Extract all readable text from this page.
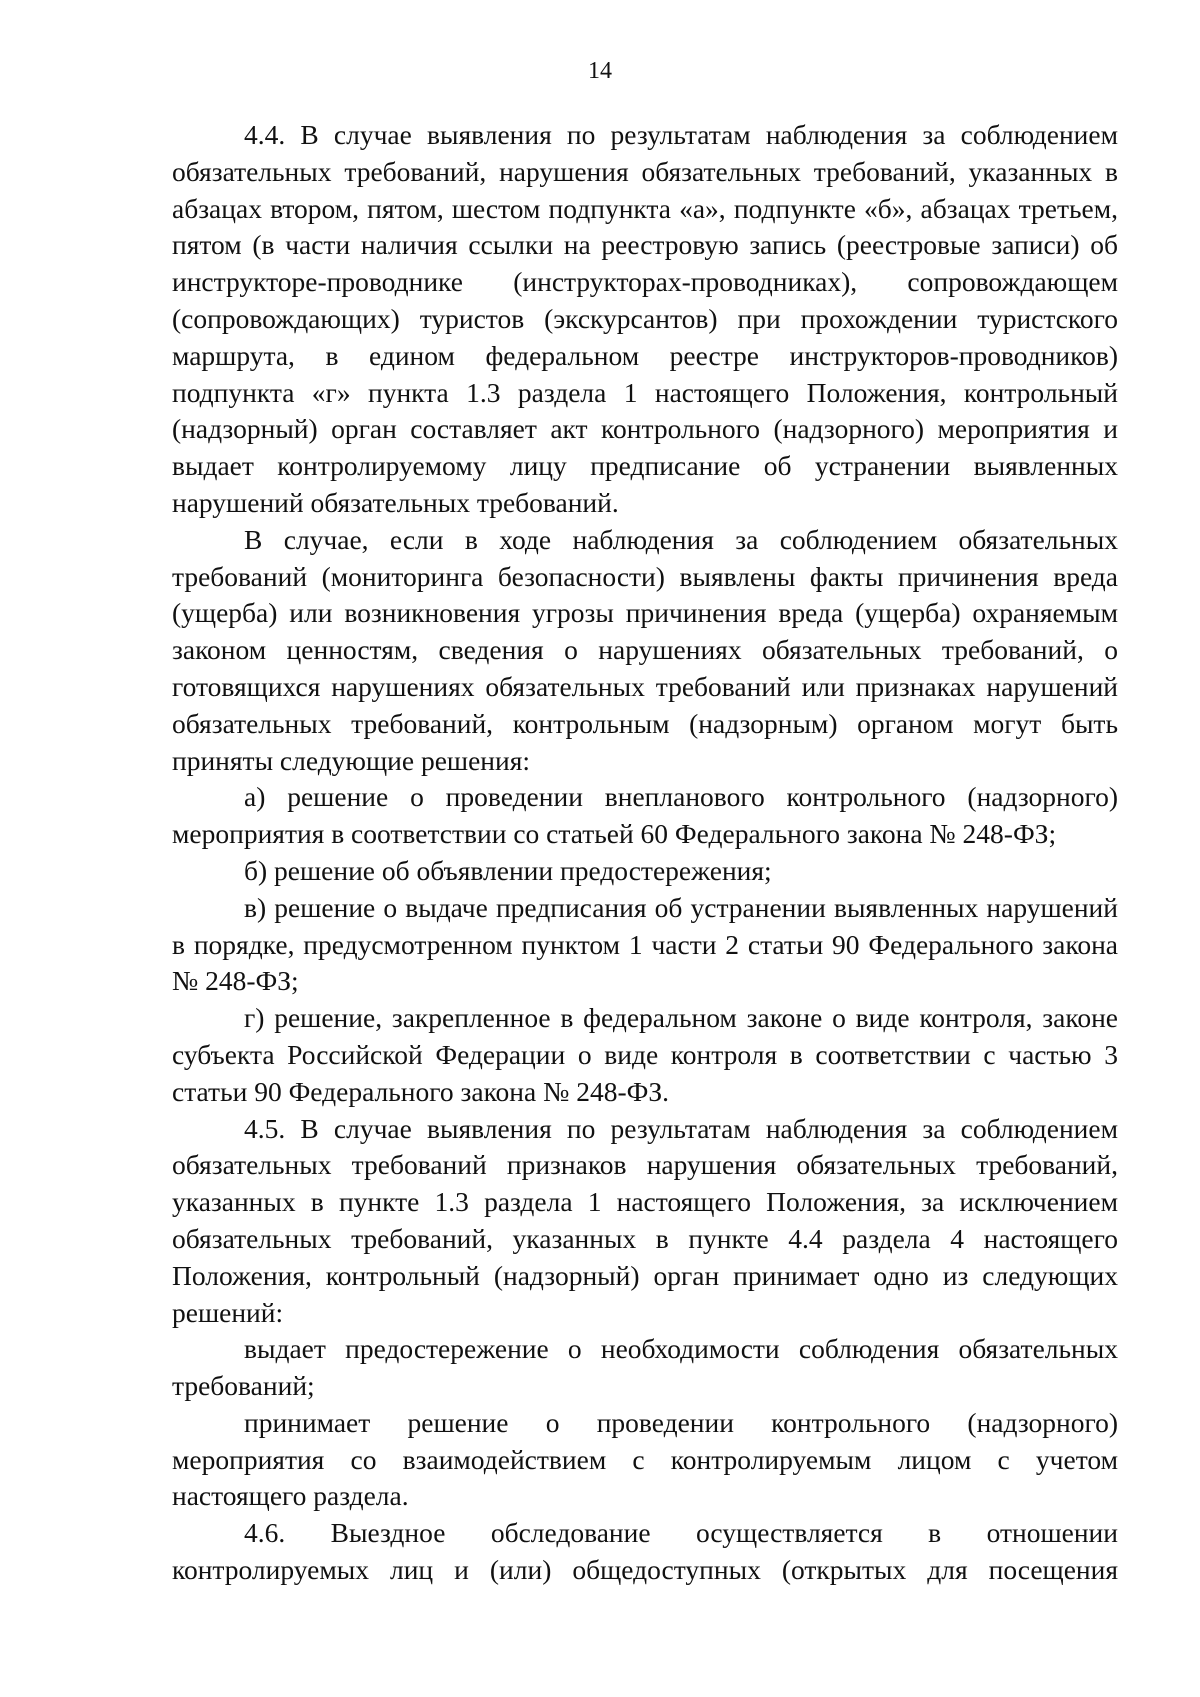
14

4.4. В случае выявления по результатам наблюдения за соблюдением обязательных требований, нарушения обязательных требований, указанных в абзацах втором, пятом, шестом подпункта «а», подпункте «б», абзацах третьем, пятом (в части наличия ссылки на реестровую запись (реестровые записи) об инструкторе-проводнике (инструкторах-проводниках), сопровождающем (сопровождающих) туристов (экскурсантов) при прохождении туристского маршрута, в едином федеральном реестре инструкторов-проводников) подпункта «г» пункта 1.3 раздела 1 настоящего Положения, контрольный (надзорный) орган составляет акт контрольного (надзорного) мероприятия и выдает контролируемому лицу предписание об устранении выявленных нарушений обязательных требований.

В случае, если в ходе наблюдения за соблюдением обязательных требований (мониторинга безопасности) выявлены факты причинения вреда (ущерба) или возникновения угрозы причинения вреда (ущерба) охраняемым законом ценностям, сведения о нарушениях обязательных требований, о готовящихся нарушениях обязательных требований или признаках нарушений обязательных требований, контрольным (надзорным) органом могут быть приняты следующие решения:

а) решение о проведении внепланового контрольного (надзорного) мероприятия в соответствии со статьей 60 Федерального закона № 248-ФЗ;

б) решение об объявлении предостережения;

в) решение о выдаче предписания об устранении выявленных нарушений в порядке, предусмотренном пунктом 1 части 2 статьи 90 Федерального закона № 248-ФЗ;

г) решение, закрепленное в федеральном законе о виде контроля, законе субъекта Российской Федерации о виде контроля в соответствии с частью 3 статьи 90 Федерального закона № 248-ФЗ.

4.5. В случае выявления по результатам наблюдения за соблюдением обязательных требований признаков нарушения обязательных требований, указанных в пункте 1.3 раздела 1 настоящего Положения, за исключением обязательных требований, указанных в пункте 4.4 раздела 4 настоящего Положения, контрольный (надзорный) орган принимает одно из следующих решений:

выдает предостережение о необходимости соблюдения обязательных требований;

принимает решение о проведении контрольного (надзорного) мероприятия со взаимодействием с контролируемым лицом с учетом настоящего раздела.

4.6. Выездное обследование осуществляется в отношении контролируемых лиц и (или) общедоступных (открытых для посещения
